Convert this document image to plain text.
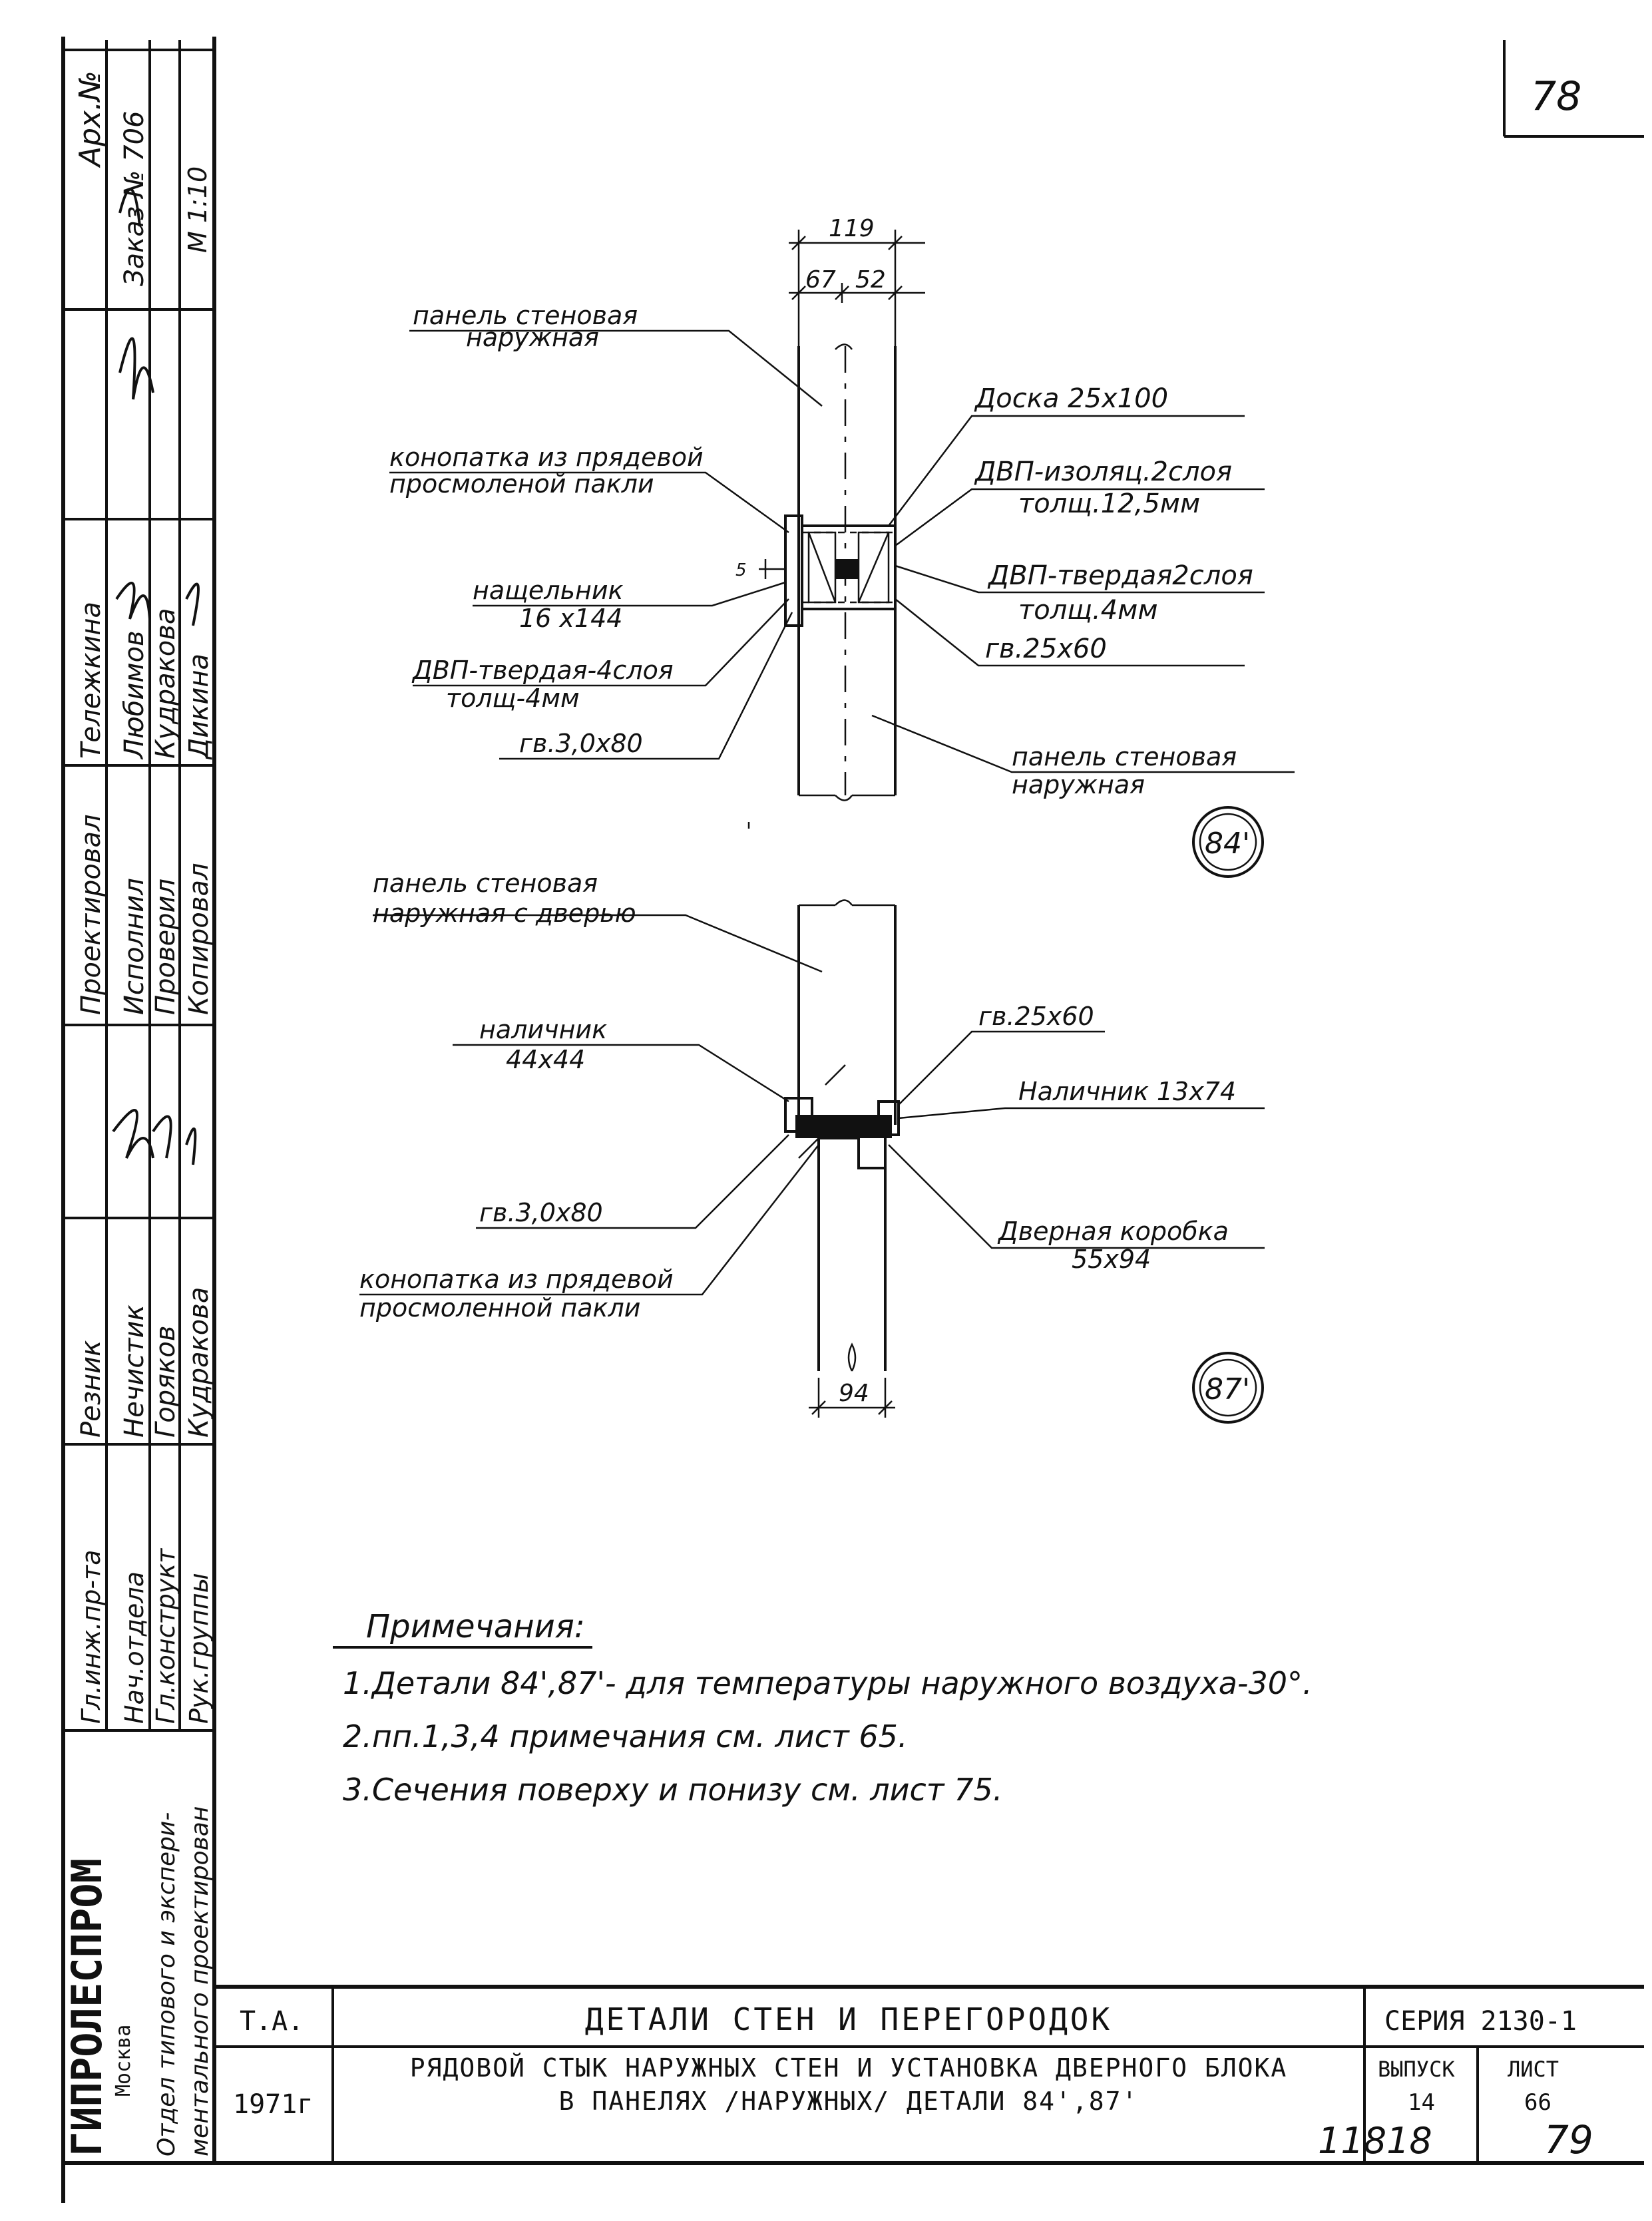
Арх.№ Заказ № 706 М 1:10
Проектировал Исполнил Проверил Копировал
Тележкина Любимов Кудракова Дикина
Гл.инж.пр-та Нач.отдела Гл.конструкт Рук.группы
Резник Нечистик Горяков Кудракова
ГИПРОЛЕСПРОМ Москва Отдел типового и экспери- ментального проектирован
78
119
67 52
5
84'
панель стеновая
наружная
конопатка из прядевой
просмоленой пакли
нащельник
16 х144
ДВП-твердая-4слоя
толщ-4мм
гв.3,0х80
Доска 25х100
ДВП-изоляц.2слоя
толщ.12,5мм
ДВП-твердая2слоя
толщ.4мм
гв.25х60
панель стеновая
наружная
94	87'
панель стеновая
наружная с дверью
наличник
44х44
гв.25х60
Наличник 13х74
гв.3,0х80
Дверная коробка
55х94
конопатка из прядевой
просмоленной пакли
Примечания:
1.Детали 84',87'- для температуры наружного воздуха-30°.
2.пп.1,3,4 примечания см. лист 65.
3.Сечения поверху и понизу см. лист 75.
Т.А.
1971г
ДЕТАЛИ СТЕН И ПЕРЕГОРОДОК
РЯДОВОЙ СТЫК НАРУЖНЫХ СТЕН И УСТАНОВКА ДВЕРНОГО БЛОКА
В ПАНЕЛЯХ /НАРУЖНЫХ/ ДЕТАЛИ 84',87'
СЕРИЯ 2130-1
ВЫПУСК
14
ЛИСТ
66
11818	79
